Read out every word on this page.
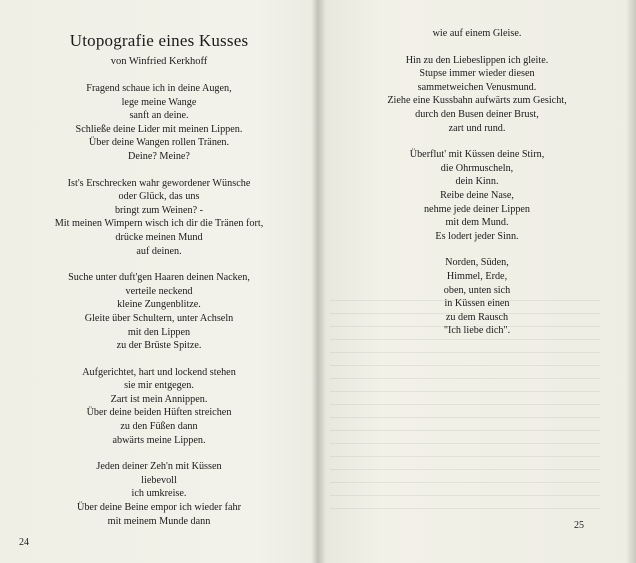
Utopografie eines Kusses
von Winfried Kerkhoff
Fragend schaue ich in deine Augen,
lege meine Wange
sanft an deine.
Schließe deine Lider mit meinen Lippen.
Über deine Wangen rollen Tränen.
Deine? Meine?
Ist's Erschrecken wahr gewordener Wünsche
oder Glück, das uns
bringt zum Weinen? -
Mit meinen Wimpern wisch ich dir die Tränen fort,
drücke meinen Mund
auf deinen.
Suche unter duft'gen Haaren deinen Nacken,
verteile neckend
kleine Zungenblitze.
Gleite über Schultern, unter Achseln
mit den Lippen
zu der Brüste Spitze.
Aufgerichtet, hart und lockend stehen
sie mir entgegen.
Zart ist mein Annippen.
Über deine beiden Hüften streichen
zu den Füßen dann
abwärts meine Lippen.
Jeden deiner Zeh'n mit Küssen
liebevoll
ich umkreise.
Über deine Beine empor ich wieder fahr
mit meinem Munde dann
24
wie auf einem Gleise.
Hin zu den Liebeslippen ich gleite.
Stupse immer wieder diesen
sammetweichen Venusmund.
Ziehe eine Kussbahn aufwärts zum Gesicht,
durch den Busen deiner Brust,
zart und rund.
Überflut' mit Küssen deine Stirn,
die Ohrmuscheln,
dein Kinn.
Reibe deine Nase,
nehme jede deiner Lippen
mit dem Mund.
Es lodert jeder Sinn.
Norden, Süden,
Himmel, Erde,
oben, unten sich
in Küssen einen
zu dem Rausch
"Ich liebe dich".
25
